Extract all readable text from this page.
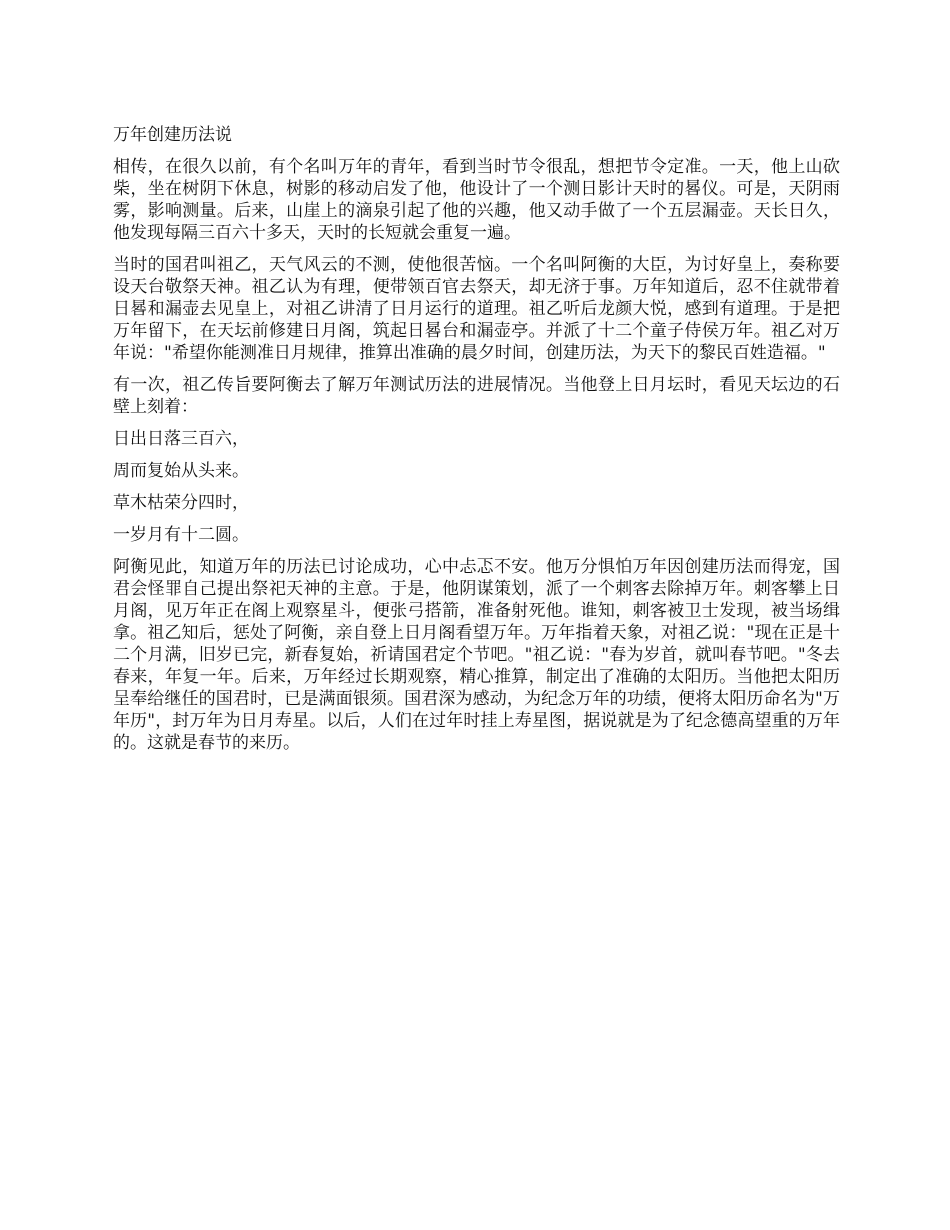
万年创建历法说

相传，在很久以前，有个名叫万年的青年，看到当时节令很乱，想把节令定准。一天，他上山砍柴，坐在树阴下休息，树影的移动启发了他，他设计了一个测日影计天时的晷仪。可是，天阴雨雾，影响测量。后来，山崖上的滴泉引起了他的兴趣，他又动手做了一个五层漏壶。天长日久，他发现每隔三百六十多天，天时的长短就会重复一遍。

当时的国君叫祖乙，天气风云的不测，使他很苦恼。一个名叫阿衡的大臣，为讨好皇上，奏称要设天台敬祭天神。祖乙认为有理，便带领百官去祭天，却无济于事。万年知道后，忍不住就带着日晷和漏壶去见皇上，对祖乙讲清了日月运行的道理。祖乙听后龙颜大悦，感到有道理。于是把万年留下，在天坛前修建日月阁，筑起日晷台和漏壶亭。并派了十二个童子侍侯万年。祖乙对万年说："希望你能测准日月规律，推算出准确的晨夕时间，创建历法，为天下的黎民百姓造福。"

有一次，祖乙传旨要阿衡去了解万年测试历法的进展情况。当他登上日月坛时，看见天坛边的石壁上刻着：

日出日落三百六，

周而复始从头来。

草木枯荣分四时，

一岁月有十二圆。

阿衡见此，知道万年的历法已讨论成功，心中忐忑不安。他万分惧怕万年因创建历法而得宠，国君会怪罪自己提出祭祀天神的主意。于是，他阴谋策划，派了一个刺客去除掉万年。刺客攀上日月阁，见万年正在阁上观察星斗，便张弓搭箭，准备射死他。谁知，刺客被卫士发现，被当场缉拿。祖乙知后，惩处了阿衡，亲自登上日月阁看望万年。万年指着天象，对祖乙说："现在正是十二个月满，旧岁已完，新春复始，祈请国君定个节吧。"祖乙说："春为岁首，就叫春节吧。"冬去春来，年复一年。后来，万年经过长期观察，精心推算，制定出了准确的太阳历。当他把太阳历呈奉给继任的国君时，已是满面银须。国君深为感动，为纪念万年的功绩，便将太阳历命名为"万年历"，封万年为日月寿星。以后，人们在过年时挂上寿星图，据说就是为了纪念德高望重的万年的。这就是春节的来历。
